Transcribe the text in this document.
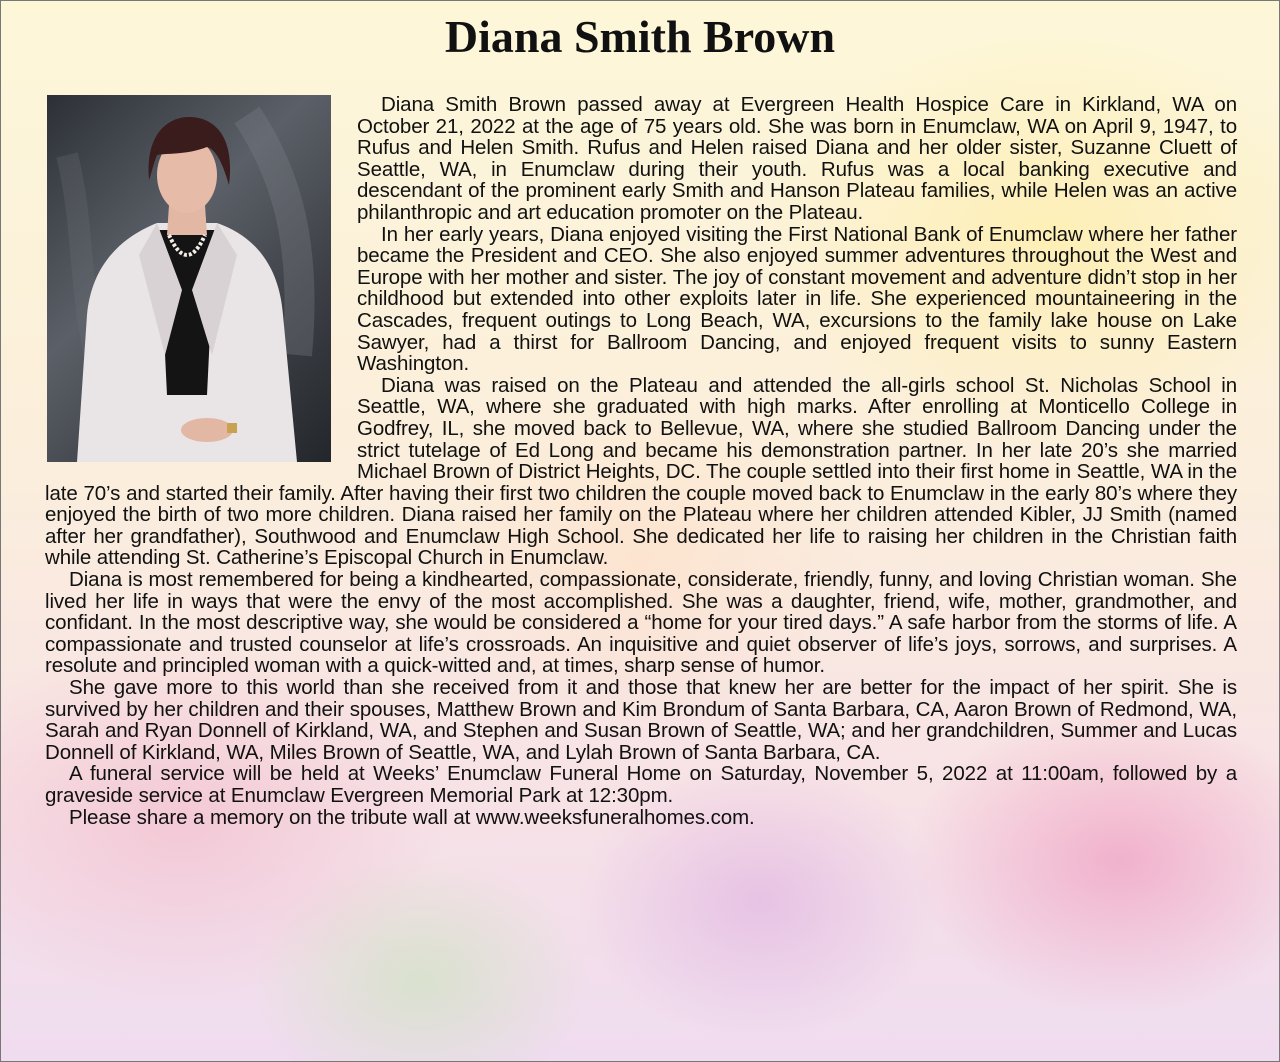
Diana Smith Brown

Diana Smith Brown passed away at Evergreen Health Hospice Care in Kirkland, WA on October 21, 2022 at the age of 75 years old. She was born in Enumclaw, WA on April 9, 1947, to Rufus and Helen Smith. Rufus and Helen raised Diana and her older sister, Suzanne Cluett of Seattle, WA, in Enumclaw during their youth. Rufus was a local banking executive and descendant of the prominent early Smith and Hanson Plateau families, while Helen was an active philanthropic and art education promoter on the Plateau.

In her early years, Diana enjoyed visiting the First National Bank of Enumclaw where her father became the President and CEO. She also enjoyed summer adventures throughout the West and Europe with her mother and sister. The joy of constant movement and adventure didn’t stop in her childhood but extended into other exploits later in life. She experienced mountaineering in the Cascades, frequent outings to Long Beach, WA, excursions to the family lake house on Lake Sawyer, had a thirst for Ballroom Dancing, and enjoyed frequent visits to sunny Eastern Washington.

Diana was raised on the Plateau and attended the all-girls school St. Nicholas School in Seattle, WA, where she graduated with high marks. After enrolling at Monticello College in Godfrey, IL, she moved back to Bellevue, WA, where she studied Ballroom Dancing under the strict tutelage of Ed Long and became his demonstration partner. In her late 20’s she married Michael Brown of District Heights, DC. The couple settled into their first home in Seattle, WA in the late 70’s and started their family. After having their first two children the couple moved back to Enumclaw in the early 80’s where they enjoyed the birth of two more children. Diana raised her family on the Plateau where her children attended Kibler, JJ Smith (named after her grandfather), Southwood and Enumclaw High School. She dedicated her life to raising her children in the Christian faith while attending St. Catherine’s Episcopal Church in Enumclaw.

Diana is most remembered for being a kindhearted, compassionate, considerate, friendly, funny, and loving Christian woman. She lived her life in ways that were the envy of the most accomplished. She was a daughter, friend, wife, mother, grandmother, and confidant. In the most descriptive way, she would be considered a “home for your tired days.” A safe harbor from the storms of life. A compassionate and trusted counselor at life’s crossroads. An inquisitive and quiet observer of life’s joys, sorrows, and surprises. A resolute and principled woman with a quick-witted and, at times, sharp sense of humor.

She gave more to this world than she received from it and those that knew her are better for the impact of her spirit. She is survived by her children and their spouses, Matthew Brown and Kim Brondum of Santa Barbara, CA, Aaron Brown of Redmond, WA, Sarah and Ryan Donnell of Kirkland, WA, and Stephen and Susan Brown of Seattle, WA; and her grandchildren, Summer and Lucas Donnell of Kirkland, WA, Miles Brown of Seattle, WA, and Lylah Brown of Santa Barbara, CA.

A funeral service will be held at Weeks’ Enumclaw Funeral Home on Saturday, November 5, 2022 at 11:00am, followed by a graveside service at Enumclaw Evergreen Memorial Park at 12:30pm.

Please share a memory on the tribute wall at www.weeksfuneralhomes.com.
